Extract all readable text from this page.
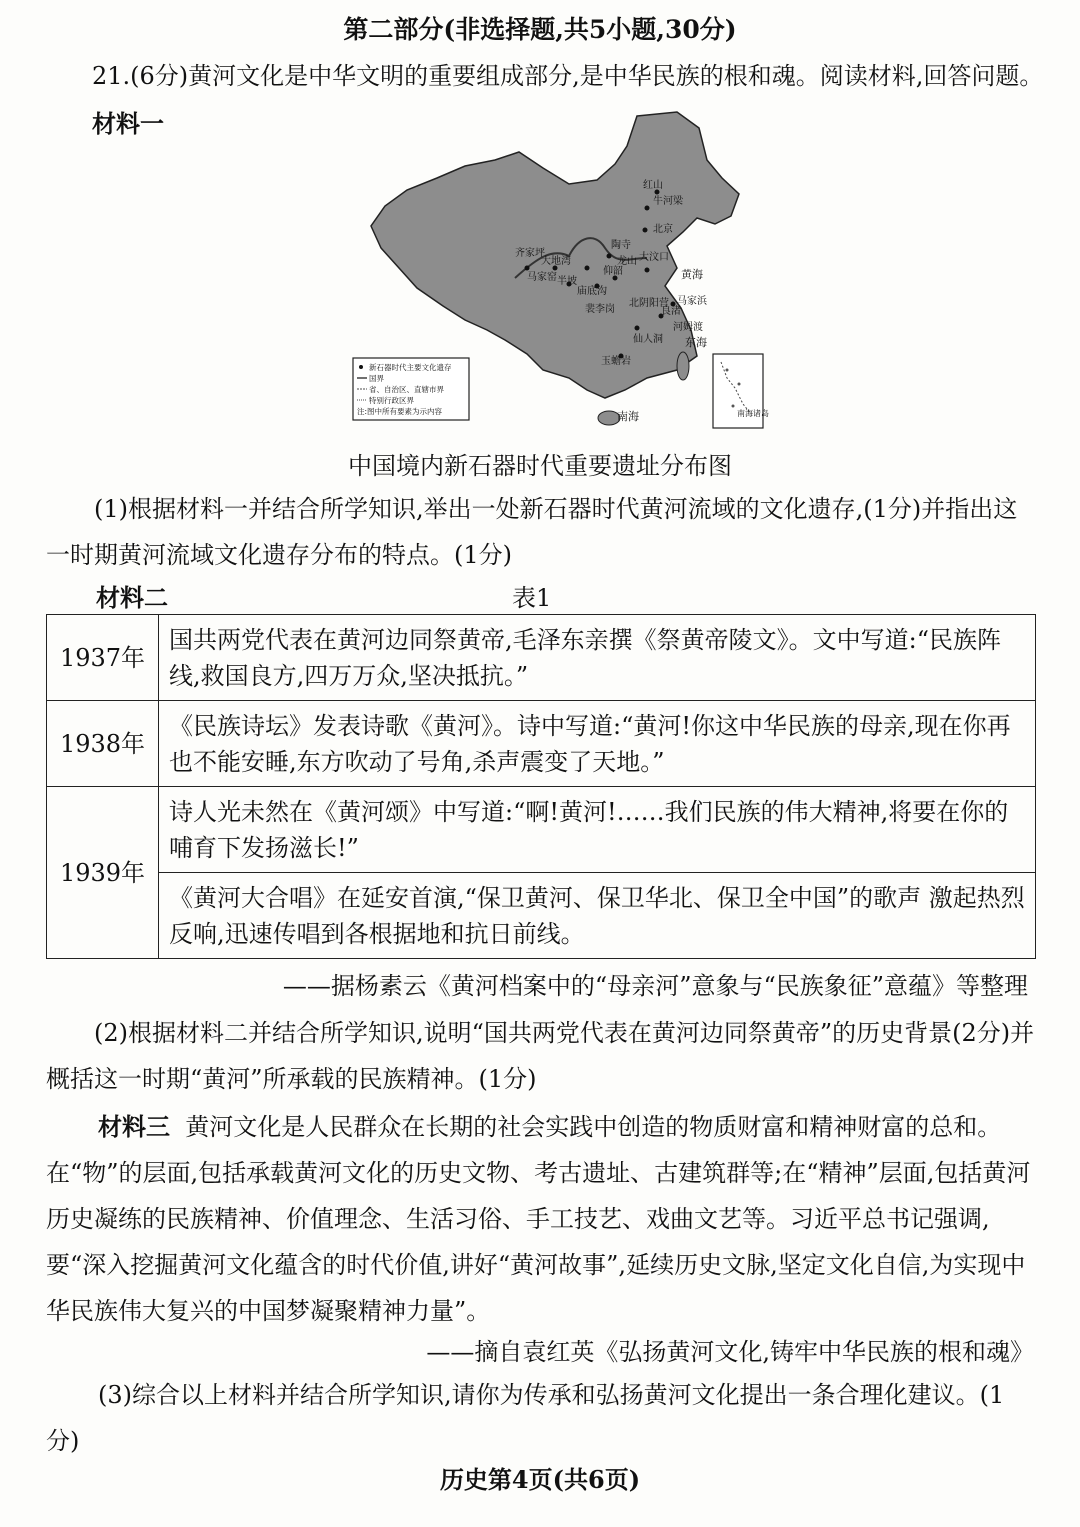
第二部分(非选择题,共5小题,30分)
21.(6分)黄河文化是中华文明的重要组成部分,是中华民族的根和魂。阅读材料,回答问题。
材料一
红山
牛河梁
北京
大汶口
大地湾
半坡
庙底沟
仰韶
陶寺
裴李岗
河姆渡
良渚
马家浜
仙人洞
齐家坪
龙山
北阴阳营
马家窑
玉蟾岩
黄海
东海
南海
新石器时代主要文化遗存
国界
省、自治区、直辖市界
特别行政区界
注:图中所有要素为示内容	南海诸岛
中国境内新石器时代重要遗址分布图
(1)根据材料一并结合所学知识,举出一处新石器时代黄河流域的文化遗存,(1分)并指出这一时期黄河流域文化遗存分布的特点。(1分)
材料二	表1
1937年	国共两党代表在黄河边同祭黄帝,毛泽东亲撰《祭黄帝陵文》。文中写道:“民族阵线,救国良方,四万万众,坚决抵抗。”
1938年	《民族诗坛》发表诗歌《黄河》。诗中写道:“黄河!你这中华民族的母亲,现在你再也不能安睡,东方吹动了号角,杀声震变了天地。”
1939年	诗人光未然在《黄河颂》中写道:“啊!黄河!……我们民族的伟大精神,将要在你的哺育下发扬滋长!”
	《黄河大合唱》在延安首演,“保卫黄河、保卫华北、保卫全中国”的歌声 激起热烈反响,迅速传唱到各根据地和抗日前线。
——据杨素云《黄河档案中的“母亲河”意象与“民族象征”意蕴》等整理
(2)根据材料二并结合所学知识,说明“国共两党代表在黄河边同祭黄帝”的历史背景(2分)并概括这一时期“黄河”所承载的民族精神。(1分)
材料三 黄河文化是人民群众在长期的社会实践中创造的物质财富和精神财富的总和。在“物”的层面,包括承载黄河文化的历史文物、考古遗址、古建筑群等;在“精神”层面,包括黄河历史凝练的民族精神、价值理念、生活习俗、手工技艺、戏曲文艺等。习近平总书记强调,要“深入挖掘黄河文化蕴含的时代价值,讲好“黄河故事”,延续历史文脉,坚定文化自信,为实现中华民族伟大复兴的中国梦凝聚精神力量”。
——摘自袁红英《弘扬黄河文化,铸牢中华民族的根和魂》
(3)综合以上材料并结合所学知识,请你为传承和弘扬黄河文化提出一条合理化建议。(1分)
历史第4页(共6页)
